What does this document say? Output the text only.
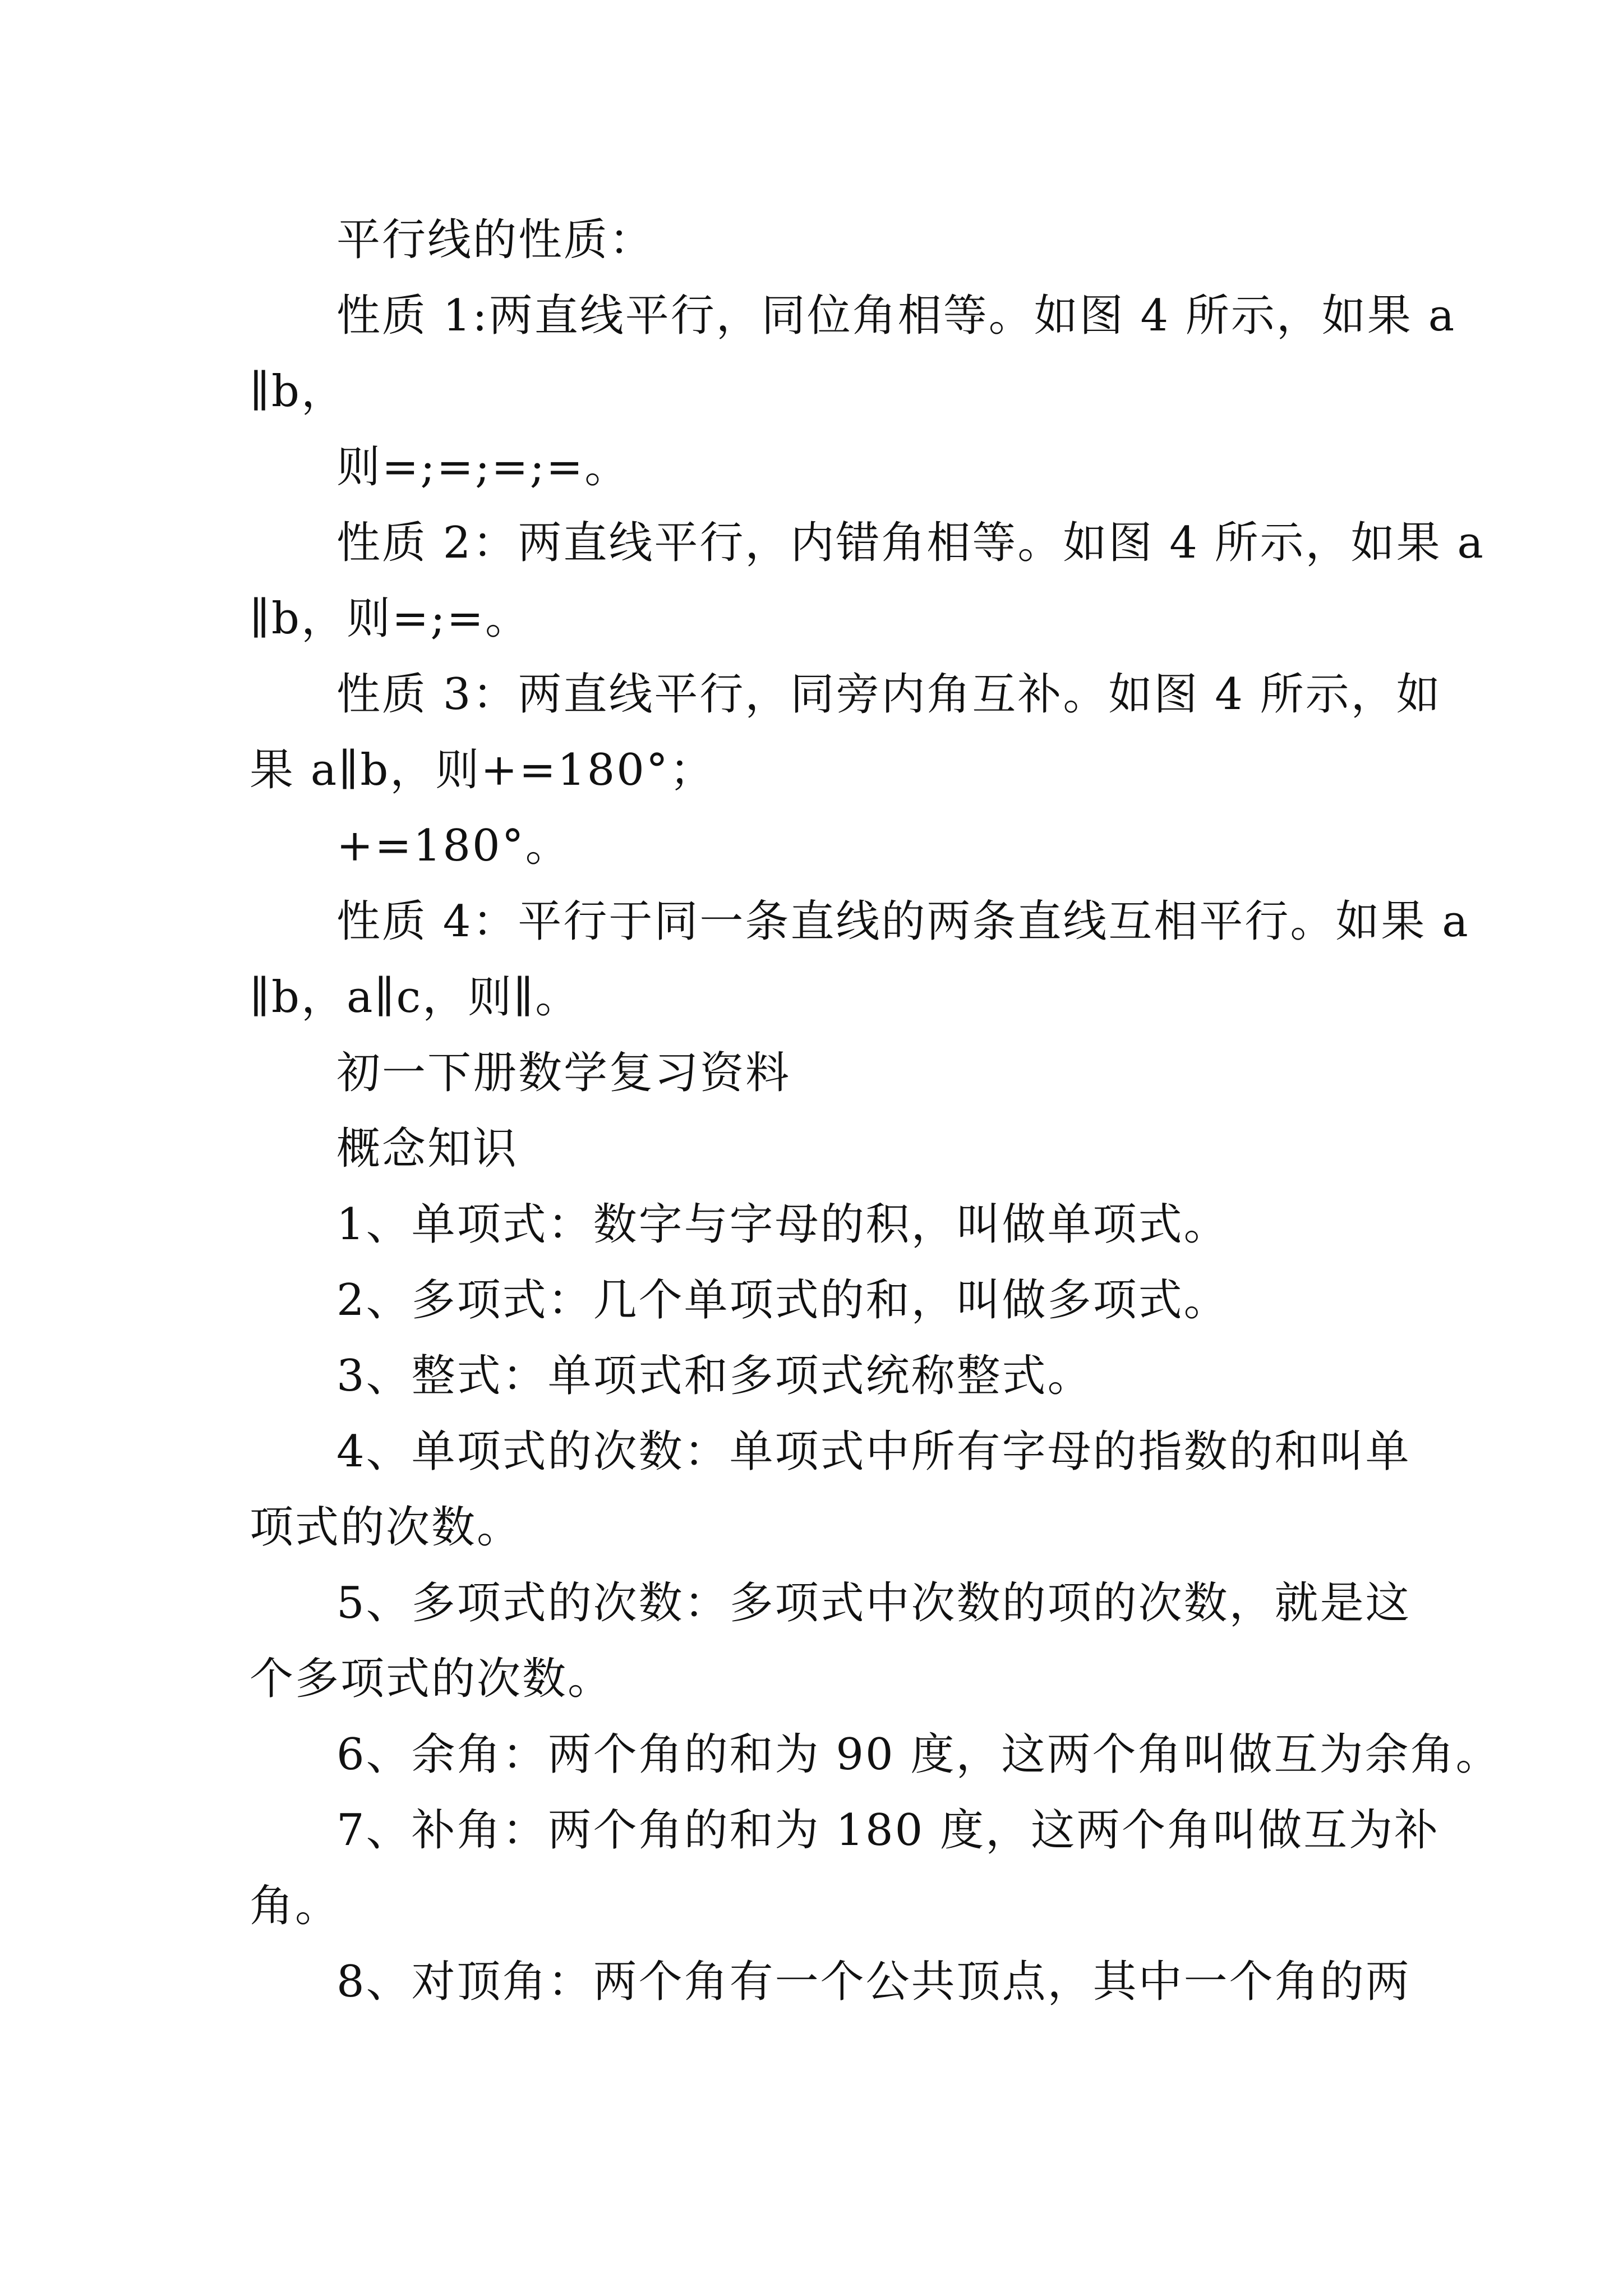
平行线的性质：
性质 1:两直线平行，同位角相等。如图 4 所示，如果 a
∥b，
则=;=;=;=。
性质 2：两直线平行，内错角相等。如图 4 所示，如果 a
∥b，则=;=。
性质 3：两直线平行，同旁内角互补。如图 4 所示，如
果 a∥b，则+=180°；
+=180°。
性质 4：平行于同一条直线的两条直线互相平行。如果 a
∥b，a∥c，则∥。
初一下册数学复习资料
概念知识
1、单项式：数字与字母的积，叫做单项式。
2、多项式：几个单项式的和，叫做多项式。
3、整式：单项式和多项式统称整式。
4、单项式的次数：单项式中所有字母的指数的和叫单
项式的次数。
5、多项式的次数：多项式中次数的项的次数，就是这
个多项式的次数。
6、余角：两个角的和为 90 度，这两个角叫做互为余角。
7、补角：两个角的和为 180 度，这两个角叫做互为补
角。
8、对顶角：两个角有一个公共顶点，其中一个角的两
